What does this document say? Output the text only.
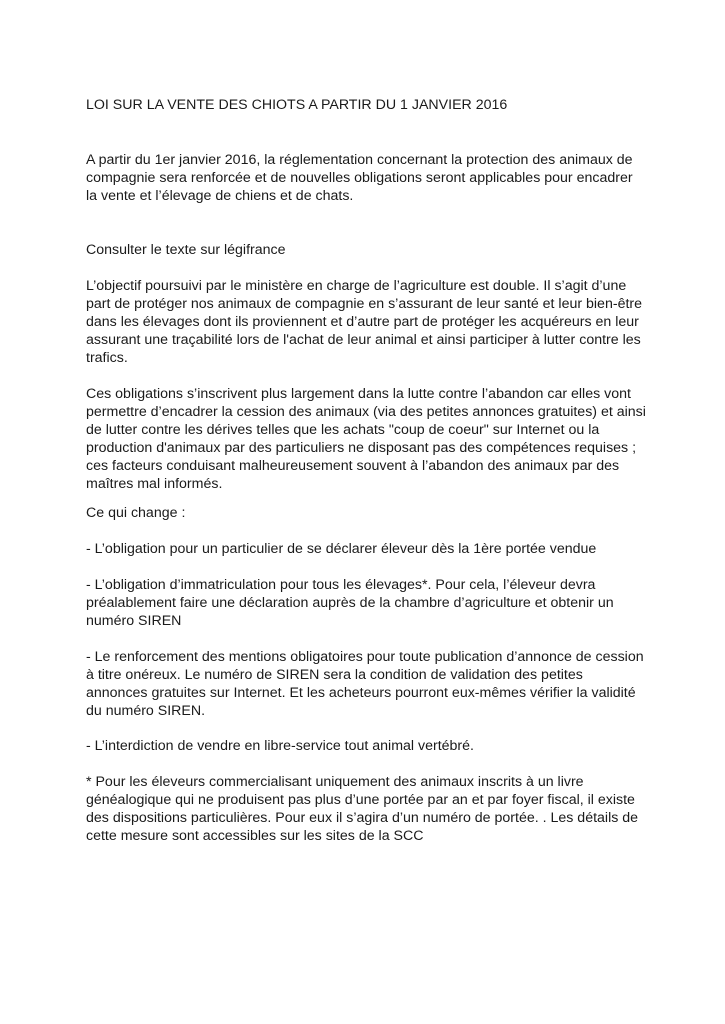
LOI SUR LA VENTE DES CHIOTS A PARTIR DU 1 JANVIER 2016

A partir du 1er janvier 2016, la réglementation concernant la protection des animaux de compagnie sera renforcée et de nouvelles obligations seront applicables pour encadrer la vente et l’élevage de chiens et de chats.

Consulter le texte sur légifrance

L’objectif poursuivi par le ministère en charge de l’agriculture est double. Il s’agit d’une part de protéger nos animaux de compagnie en s’assurant de leur santé et leur bien-être dans les élevages dont ils proviennent et d’autre part de protéger les acquéreurs en leur assurant une traçabilité lors de l'achat de leur animal et ainsi participer à lutter contre les trafics.

Ces obligations s’inscrivent plus largement dans la lutte contre l’abandon car elles vont permettre d’encadrer la cession des animaux (via des petites annonces gratuites) et ainsi de lutter contre les dérives telles que les achats "coup de coeur" sur Internet ou la production d'animaux par des particuliers ne disposant pas des compétences requises ; ces facteurs conduisant malheureusement souvent à l’abandon des animaux par des maîtres mal informés.

Ce qui change :

- L’obligation pour un particulier de se déclarer éleveur dès la 1ère portée vendue

- L’obligation d’immatriculation pour tous les élevages*. Pour cela, l’éleveur devra préalablement faire une déclaration auprès de la chambre d’agriculture et obtenir un numéro SIREN

- Le renforcement des mentions obligatoires pour toute publication d’annonce de cession à titre onéreux. Le numéro de SIREN sera la condition de validation des petites annonces gratuites sur Internet. Et les acheteurs pourront eux-mêmes vérifier la validité du numéro SIREN.

- L’interdiction de vendre en libre-service tout animal vertébré.

* Pour les éleveurs commercialisant uniquement des animaux inscrits à un livre généalogique qui ne produisent pas plus d’une portée par an et par foyer fiscal, il existe des dispositions particulières. Pour eux il s’agira d’un numéro de portée. . Les détails de cette mesure sont accessibles sur les sites de la SCC
